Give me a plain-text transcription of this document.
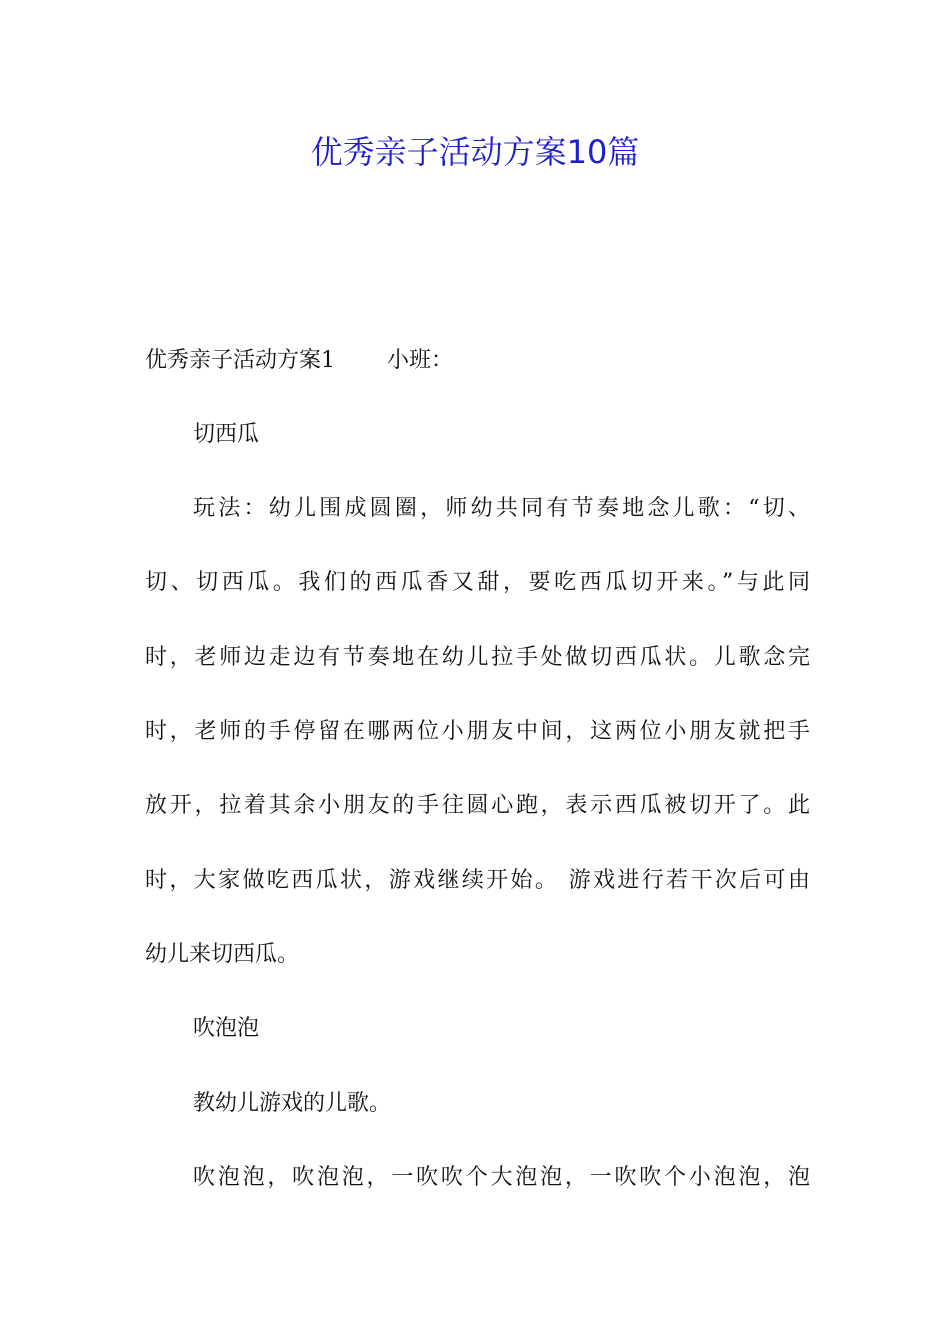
优秀亲子活动方案10篇

优秀亲子活动方案1 小班：

切西瓜

玩法：幼儿围成圆圈，师幼共同有节奏地念儿歌：“切、

切、切西瓜。我们的西瓜香又甜，要吃西瓜切开来。”与此同

时，老师边走边有节奏地在幼儿拉手处做切西瓜状。儿歌念完

时，老师的手停留在哪两位小朋友中间，这两位小朋友就把手

放开，拉着其余小朋友的手往圆心跑，表示西瓜被切开了。此

时，大家做吃西瓜状，游戏继续开始。 游戏进行若干次后可由

幼儿来切西瓜。

吹泡泡

教幼儿游戏的儿歌。

吹泡泡，吹泡泡，一吹吹个大泡泡，一吹吹个小泡泡，泡
